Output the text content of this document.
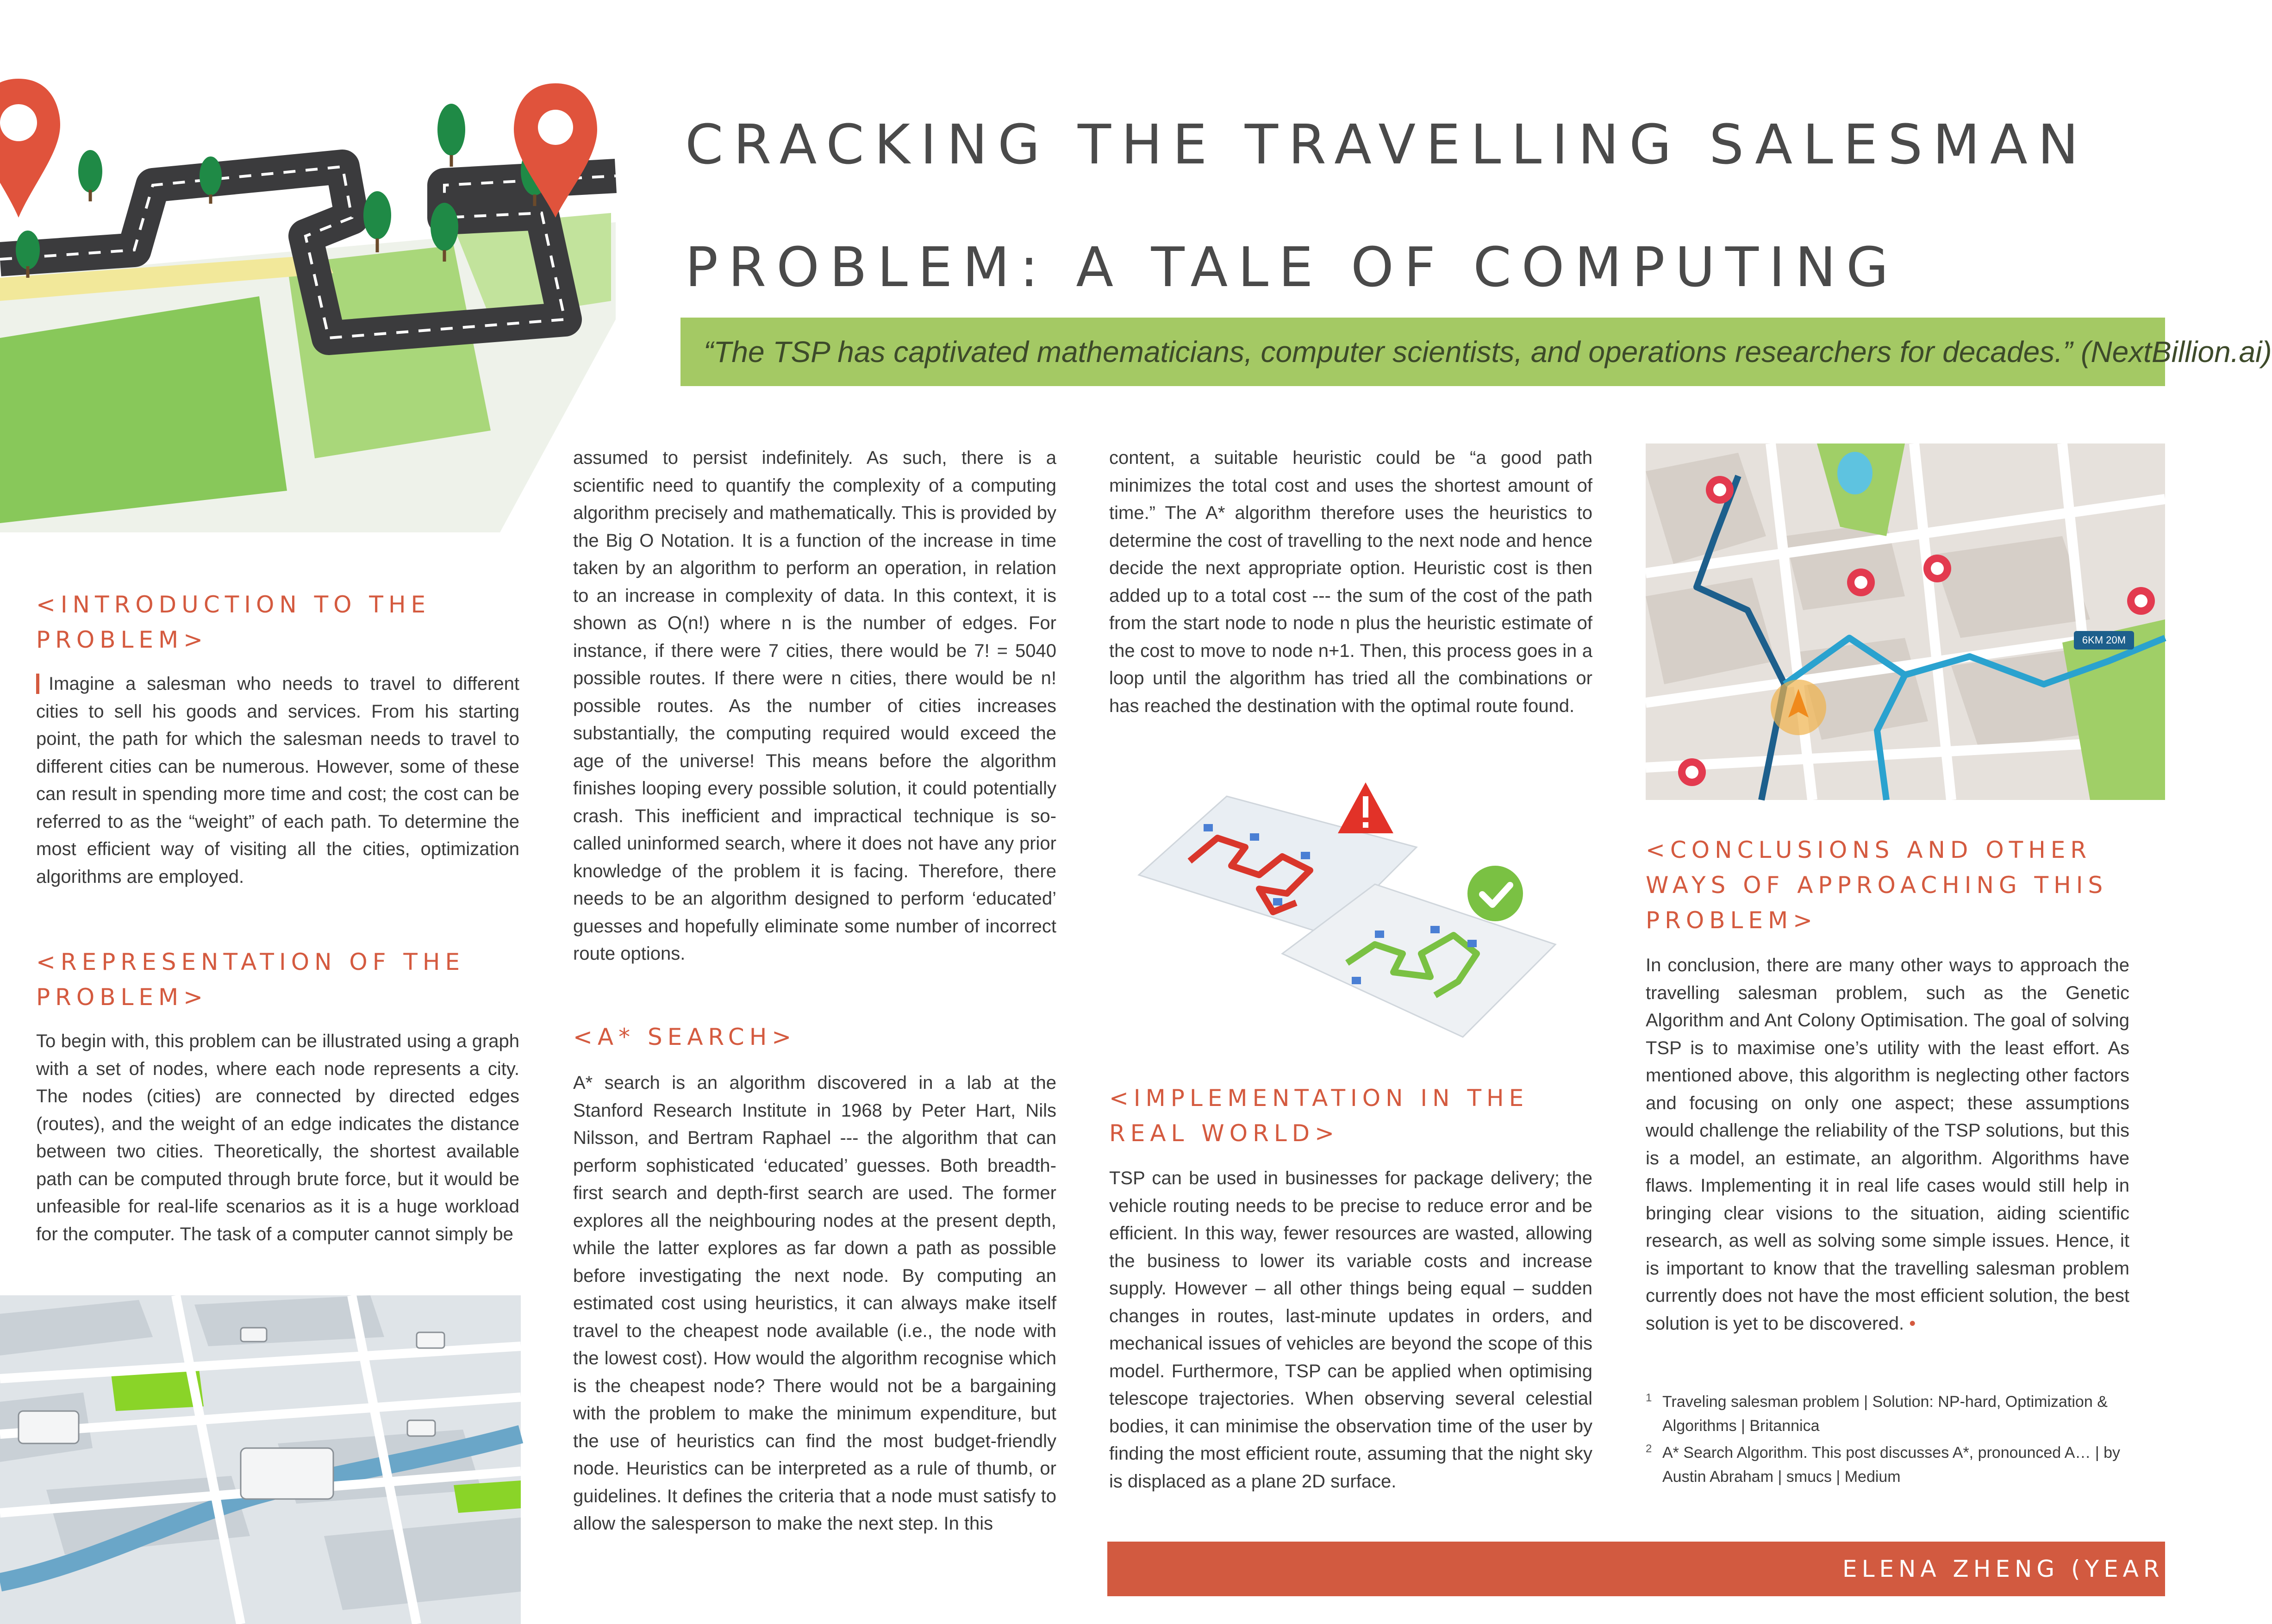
CRACKING THE TRAVELLING SALESMAN
PROBLEM: A TALE OF COMPUTING
“The TSP has captivated mathematicians, computer scientists, and operations researchers for decades.” (NextBillion.ai)
<INTRODUCTION TO THE
PROBLEM>

Imagine a salesman who needs to travel to different cities to sell his goods and services. From his starting point, the path for which the salesman needs to travel to different cities can be numerous. However, some of these can result in spending more time and cost; the cost can be referred to as the “weight” of each path. To determine the most efficient way of visiting all the cities, optimization algorithms are employed.

<REPRESENTATION OF THE
PROBLEM>
To begin with, this problem can be illustrated using a graph with a set of nodes, where each node represents a city. The nodes (cities) are connected by directed edges (routes), and the weight of an edge indicates the distance between two cities. Theoretically, the shortest available path can be computed through brute force, but it would be unfeasible for real-life scenarios as it is a huge workload for the computer. The task of a computer cannot simply be

assumed to persist indefinitely. As such, there is a scientific need to quantify the complexity of a computing algorithm precisely and mathematically. This is provided by the Big O Notation. It is a function of the increase in time taken by an algorithm to perform an operation, in relation to an increase in complexity of data. In this context, it is shown as O(n!) where n is the number of edges. For instance, if there were 7 cities, there would be 7! = 5040 possible routes. If there were n cities, there would be n! possible routes. As the number of cities increases substantially, the computing required would exceed the age of the universe! This means before the algorithm finishes looping every possible solution, it could potentially crash. This inefficient and impractical technique is so-called uninformed search, where it does not have any prior knowledge of the problem it is facing. Therefore, there needs to be an algorithm designed to perform ‘educated’ guesses and hopefully eliminate some number of incorrect route options.

<A* SEARCH>
A* search is an algorithm discovered in a lab at the Stanford Research Institute in 1968 by Peter Hart, Nils Nilsson, and Bertram Raphael --- the algorithm that can perform sophisticated ‘educated’ guesses. Both breadth-first search and depth-first search are used. The former explores all the neighbouring nodes at the present depth, while the latter explores as far down a path as possible before investigating the next node. By computing an estimated cost using heuristics, it can always make itself travel to the cheapest node available (i.e., the node with the lowest cost). How would the algorithm recognise which is the cheapest node? There would not be a bargaining with the problem to make the minimum expenditure, but the use of heuristics can find the most budget-friendly node. Heuristics can be interpreted as a rule of thumb, or guidelines. It defines the criteria that a node must satisfy to allow the salesperson to make the next step. In this
content, a suitable heuristic could be “a good path minimizes the total cost and uses the shortest amount of time.” The A* algorithm therefore uses the heuristics to determine the cost of travelling to the next node and hence decide the next appropriate option. Heuristic cost is then added up to a total cost --- the sum of the cost of the path from the start node to node n plus the heuristic estimate of the cost to move to node n+1. Then, this process goes in a loop until the algorithm has tried all the combinations or has reached the destination with the optimal route found.
<IMPLEMENTATION IN THE
REAL WORLD>
TSP can be used in businesses for package delivery; the vehicle routing needs to be precise to reduce error and be efficient. In this way, fewer resources are wasted, allowing the business to lower its variable costs and increase supply. However – all other things being equal – sudden changes in routes, last-minute updates in orders, and mechanical issues of vehicles are beyond the scope of this model. Furthermore, TSP can be applied when optimising telescope trajectories. When observing several celestial bodies, it can minimise the observation time of the user by finding the most efficient route, assuming that the night sky is displaced as a plane 2D surface.
6KM 20M
<CONCLUSIONS AND OTHER
WAYS OF APPROACHING THIS
PROBLEM>

In conclusion, there are many other ways to approach the travelling salesman problem, such as the Genetic Algorithm and Ant Colony Optimisation. The goal of solving TSP is to maximise one’s utility with the least effort. As mentioned above, this algorithm is neglecting other factors and focusing on only one aspect; these assumptions would challenge the reliability of the TSP solutions, but this is a model, an estimate, an algorithm. Algorithms have flaws. Implementing it in real life cases would still help in bringing clear visions to the situation, aiding scientific research, as well as solving some simple issues. Hence, it is important to know that the travelling salesman problem currently does not have the most efficient solution, the best solution is yet to be discovered. •

1 Traveling salesman problem | Solution: NP-hard, Optimization & Algorithms | Britannica
2 A* Search Algorithm. This post discusses A*, pronounced A… | by Austin Abraham | smucs | Medium
ELENA ZHENG (YEAR 12
